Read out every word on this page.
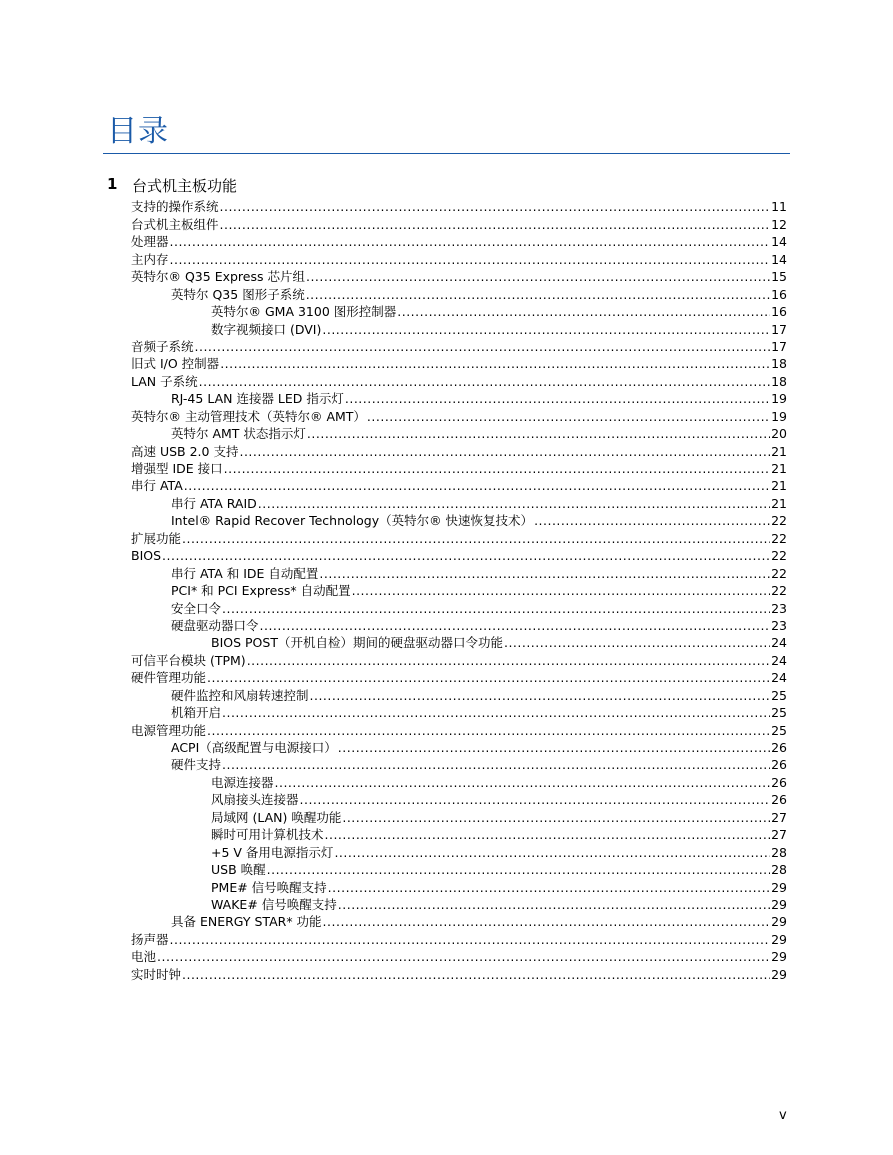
目录
1 台式机主板功能
支持的操作系统 .....	11
台式机主板组件 .....	12
处理器 .....	14
主内存 .....	14
英特尔® Q35 Express 芯片组 .....	15
英特尔 Q35 图形子系统 .....	16
英特尔® GMA 3100 图形控制器 .....	16
数字视频接口 (DVI) .....	17
音频子系统 .....	17
旧式 I/O 控制器 .....	18
LAN 子系统 .....	18
RJ-45 LAN 连接器 LED 指示灯 .....	19
英特尔® 主动管理技术（英特尔® AMT） .....	19
英特尔 AMT 状态指示灯 .....	20
高速 USB 2.0 支持 .....	21
增强型 IDE 接口 .....	21
串行 ATA .....	21
串行 ATA RAID .....	21
Intel® Rapid Recover Technology（英特尔® 快速恢复技术） .....	22
扩展功能 .....	22
BIOS .....	22
串行 ATA 和 IDE 自动配置 .....	22
PCI* 和 PCI Express* 自动配置 .....	22
安全口令 .....	23
硬盘驱动器口令 .....	23
BIOS POST（开机自检）期间的硬盘驱动器口令功能 .....	24
可信平台模块 (TPM) .....	24
硬件管理功能 .....	24
硬件监控和风扇转速控制 .....	25
机箱开启 .....	25
电源管理功能 .....	25
ACPI（高级配置与电源接口） .....	26
硬件支持 .....	26
电源连接器 .....	26
风扇接头连接器 .....	26
局域网 (LAN) 唤醒功能 .....	27
瞬时可用计算机技术 .....	27
+5 V 备用电源指示灯 .....	28
USB 唤醒 .....	28
PME# 信号唤醒支持 .....	29
WAKE# 信号唤醒支持 .....	29
具备 ENERGY STAR* 功能 .....	29
扬声器 .....	29
电池 .....	29
实时时钟 .....	29
v
